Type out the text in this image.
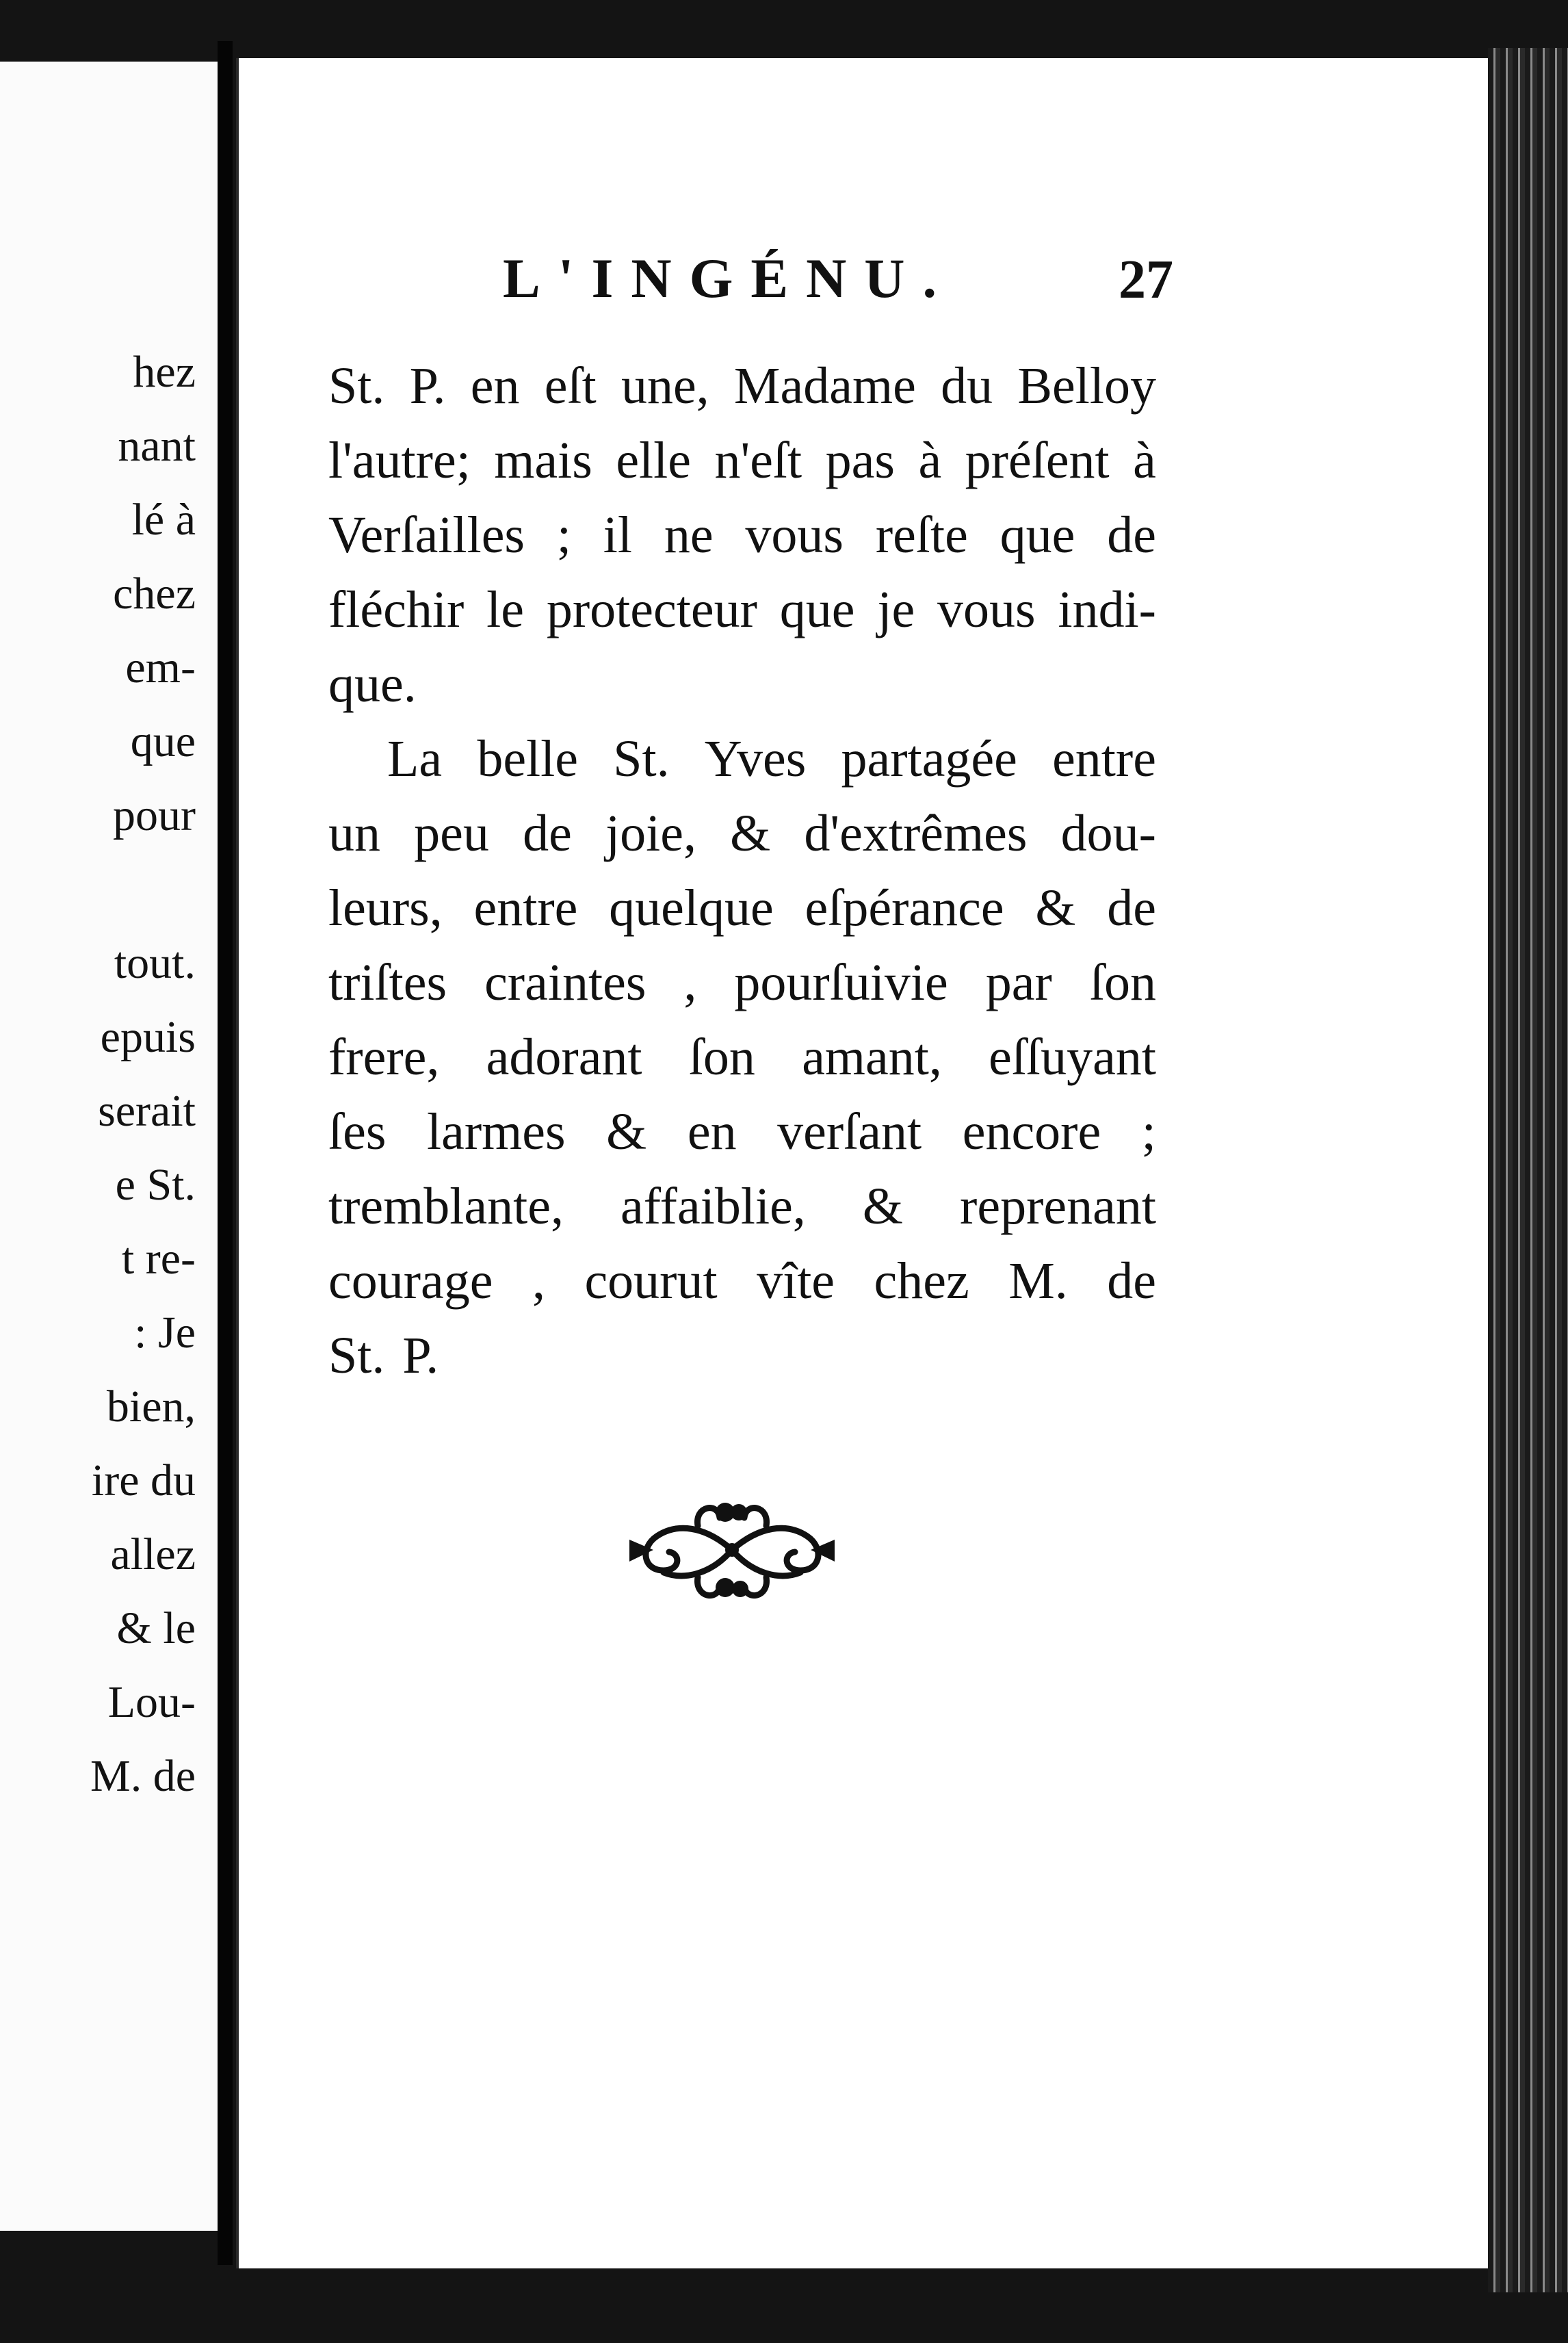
hez
nant
lé à
chez
em-
que
pour
tout.
epuis
serait
e St.
t re-
: Je
bien,
ire du
allez
& le
Lou-
M. de
L'INGÉNU.	27
St. P. en eſt une, Madame du Belloy
l'autre; mais elle n'eſt pas à préſent à
Verſailles ; il ne vous reſte que de
fléchir le protecteur que je vous indi-
que.
La belle St. Yves partagée entre
un peu de joie, & d'extrêmes dou-
leurs, entre quelque eſpérance & de
triſtes craintes , pourſuivie par ſon
frere, adorant ſon amant, eſſuyant
ſes larmes & en verſant encore ;
tremblante, affaiblie, & reprenant
courage , courut vîte chez M. de
St. P.
